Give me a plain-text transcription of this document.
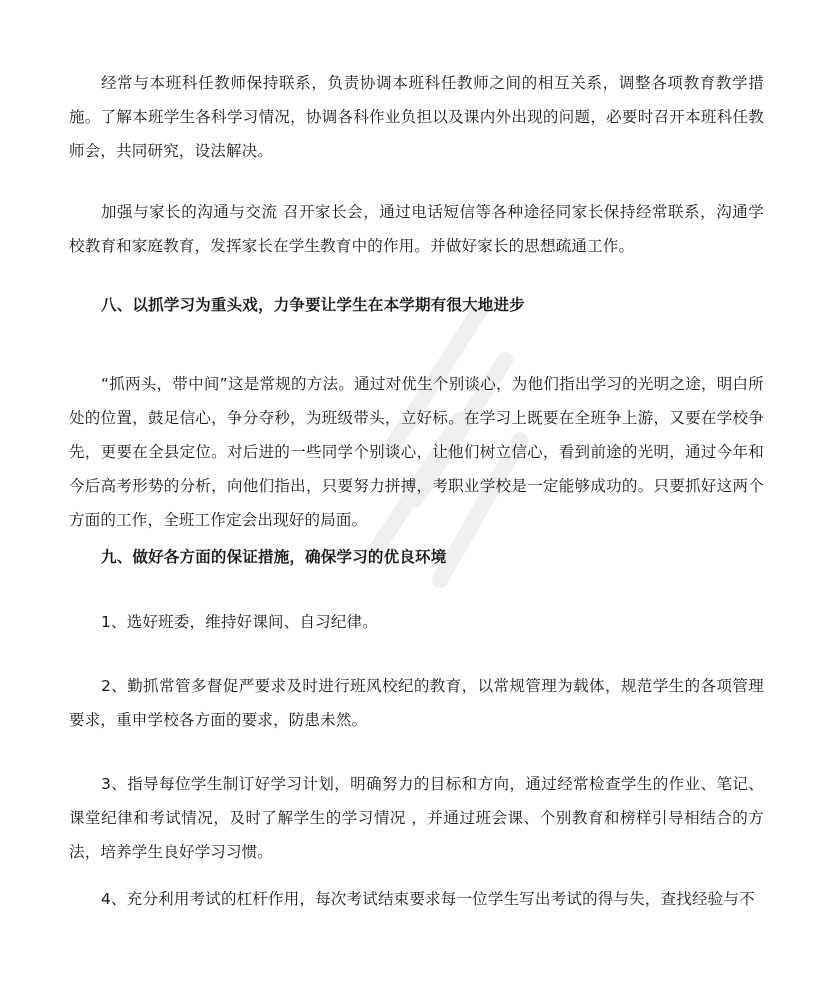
经常与本班科任教师保持联系，负责协调本班科任教师之间的相互关系，调整各项教育教学措施。了解本班学生各科学习情况，协调各科作业负担以及课内外出现的问题，必要时召开本班科任教师会，共同研究，设法解决。

加强与家长的沟通与交流 召开家长会，通过电话短信等各种途径同家长保持经常联系，沟通学校教育和家庭教育，发挥家长在学生教育中的作用。并做好家长的思想疏通工作。

八、以抓学习为重头戏，力争要让学生在本学期有很大地进步

“抓两头，带中间”这是常规的方法。通过对优生个别谈心，为他们指出学习的光明之途，明白所处的位置，鼓足信心，争分夺秒，为班级带头，立好标。在学习上既要在全班争上游，又要在学校争先，更要在全县定位。对后进的一些同学个别谈心，让他们树立信心，看到前途的光明，通过今年和今后高考形势的分析，向他们指出，只要努力拼搏，考职业学校是一定能够成功的。只要抓好这两个方面的工作，全班工作定会出现好的局面。

九、做好各方面的保证措施，确保学习的优良环境

1、选好班委，维持好课间、自习纪律。

2、勤抓常管多督促严要求及时进行班风校纪的教育，以常规管理为载体，规范学生的各项管理要求，重申学校各方面的要求，防患未然。

3、指导每位学生制订好学习计划，明确努力的目标和方向，通过经常检查学生的作业、笔记、课堂纪律和考试情况，及时了解学生的学习情况 ，并通过班会课、个别教育和榜样引导相结合的方法，培养学生良好学习习惯。

4、充分利用考试的杠杆作用，每次考试结束要求每一位学生写出考试的得与失，查找经验与不
